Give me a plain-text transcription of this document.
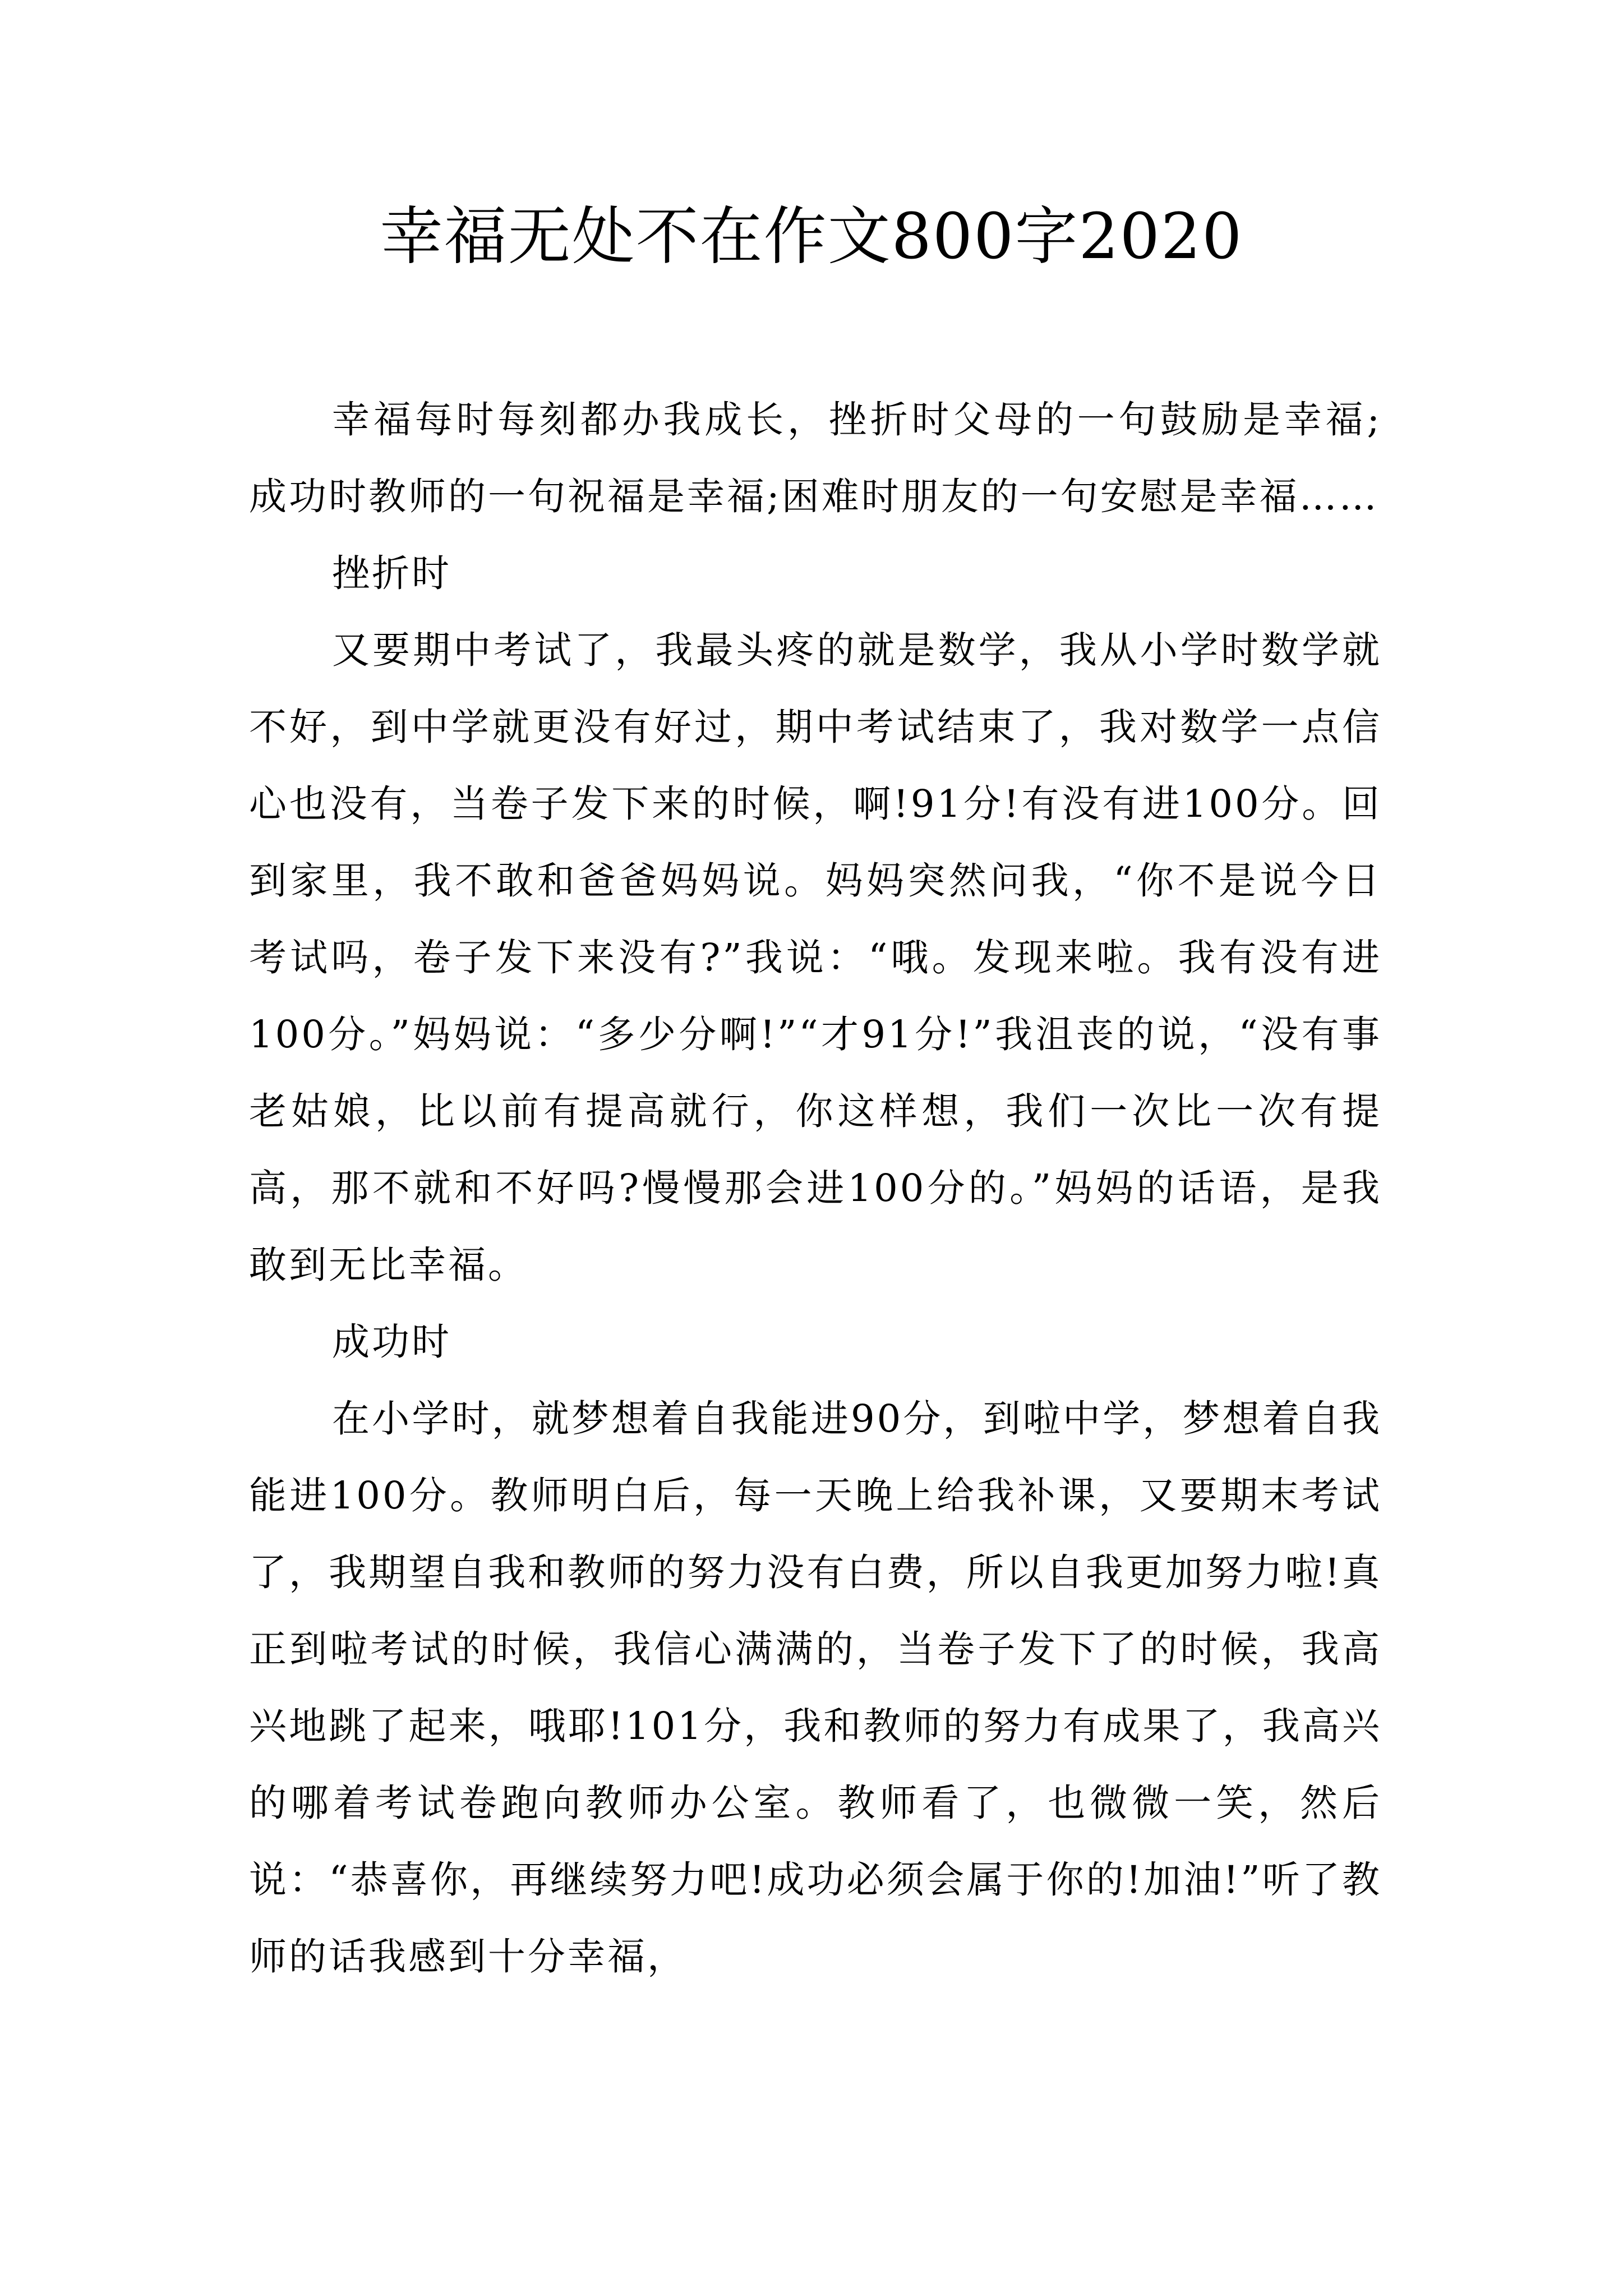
幸福无处不在作文800字2020

幸福每时每刻都办我成长，挫折时父母的一句鼓励是幸福;成功时教师的一句祝福是幸福;困难时朋友的一句安慰是幸福……

挫折时

又要期中考试了，我最头疼的就是数学，我从小学时数学就不好，到中学就更没有好过，期中考试结束了，我对数学一点信心也没有，当卷子发下来的时候，啊!91分!有没有进100分。回到家里，我不敢和爸爸妈妈说。妈妈突然问我，“你不是说今日考试吗，卷子发下来没有?”我说：“哦。发现来啦。我有没有进100分。”妈妈说：“多少分啊!”“才91分!”我沮丧的说，“没有事老姑娘，比以前有提高就行，你这样想，我们一次比一次有提高，那不就和不好吗?慢慢那会进100分的。”妈妈的话语，是我敢到无比幸福。

成功时

在小学时，就梦想着自我能进90分，到啦中学，梦想着自我能进100分。教师明白后，每一天晚上给我补课，又要期末考试了，我期望自我和教师的努力没有白费，所以自我更加努力啦!真正到啦考试的时候，我信心满满的，当卷子发下了的时候，我高兴地跳了起来，哦耶!101分，我和教师的努力有成果了，我高兴的哪着考试卷跑向教师办公室。教师看了，也微微一笑，然后说：“恭喜你，再继续努力吧!成功必须会属于你的!加油!”听了教师的话我感到十分幸福，
